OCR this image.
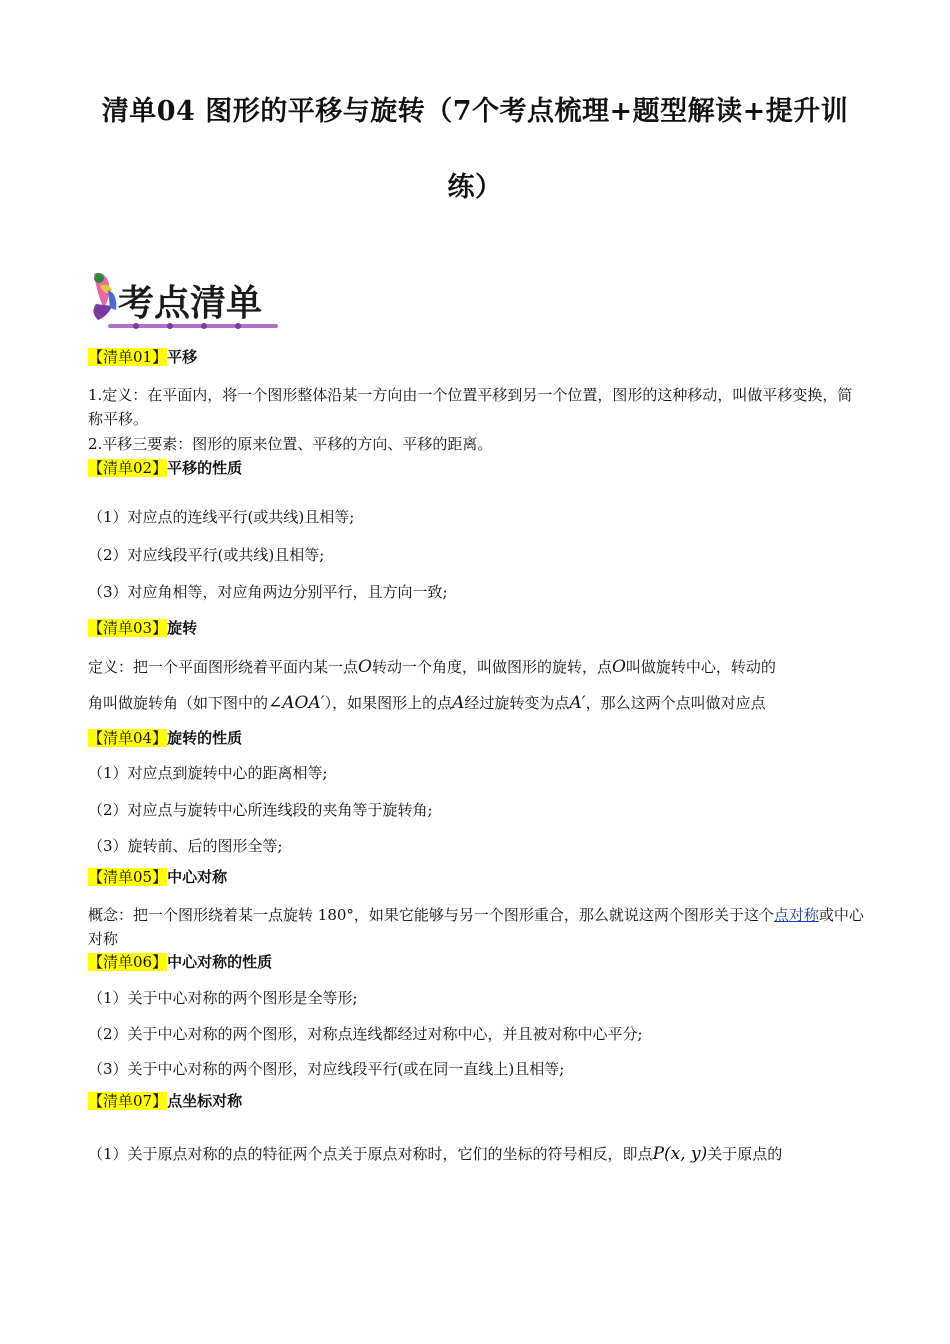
清单04 图形的平移与旋转（7个考点梳理+题型解读+提升训
练）
考点清单
【清单01】平移
1.定义：在平面内，将一个图形整体沿某一方向由一个位置平移到另一个位置，图形的这种移动，叫做平移变换，简称平移。
2.平移三要素：图形的原来位置、平移的方向、平移的距离。
【清单02】平移的性质
（1）对应点的连线平行(或共线)且相等;
（2）对应线段平行(或共线)且相等;
（3）对应角相等，对应角两边分别平行，且方向一致;
【清单03】旋转
定义：把一个平面图形绕着平面内某一点O转动一个角度，叫做图形的旋转，点O叫做旋转中心，转动的
角叫做旋转角（如下图中的∠AOA′），如果图形上的点A经过旋转变为点A′，那么这两个点叫做对应点
【清单04】旋转的性质
（1）对应点到旋转中心的距离相等;
（2）对应点与旋转中心所连线段的夹角等于旋转角;
（3）旋转前、后的图形全等;
【清单05】中心对称
概念：把一个图形绕着某一点旋转 180°，如果它能够与另一个图形重合，那么就说这两个图形关于这个点对称或中心对称
【清单06】中心对称的性质
（1）关于中心对称的两个图形是全等形;
（2）关于中心对称的两个图形，对称点连线都经过对称中心，并且被对称中心平分;
（3）关于中心对称的两个图形，对应线段平行(或在同一直线上)且相等;
【清单07】点坐标对称
（1）关于原点对称的点的特征两个点关于原点对称时，它们的坐标的符号相反，即点P(x, y)关于原点的
